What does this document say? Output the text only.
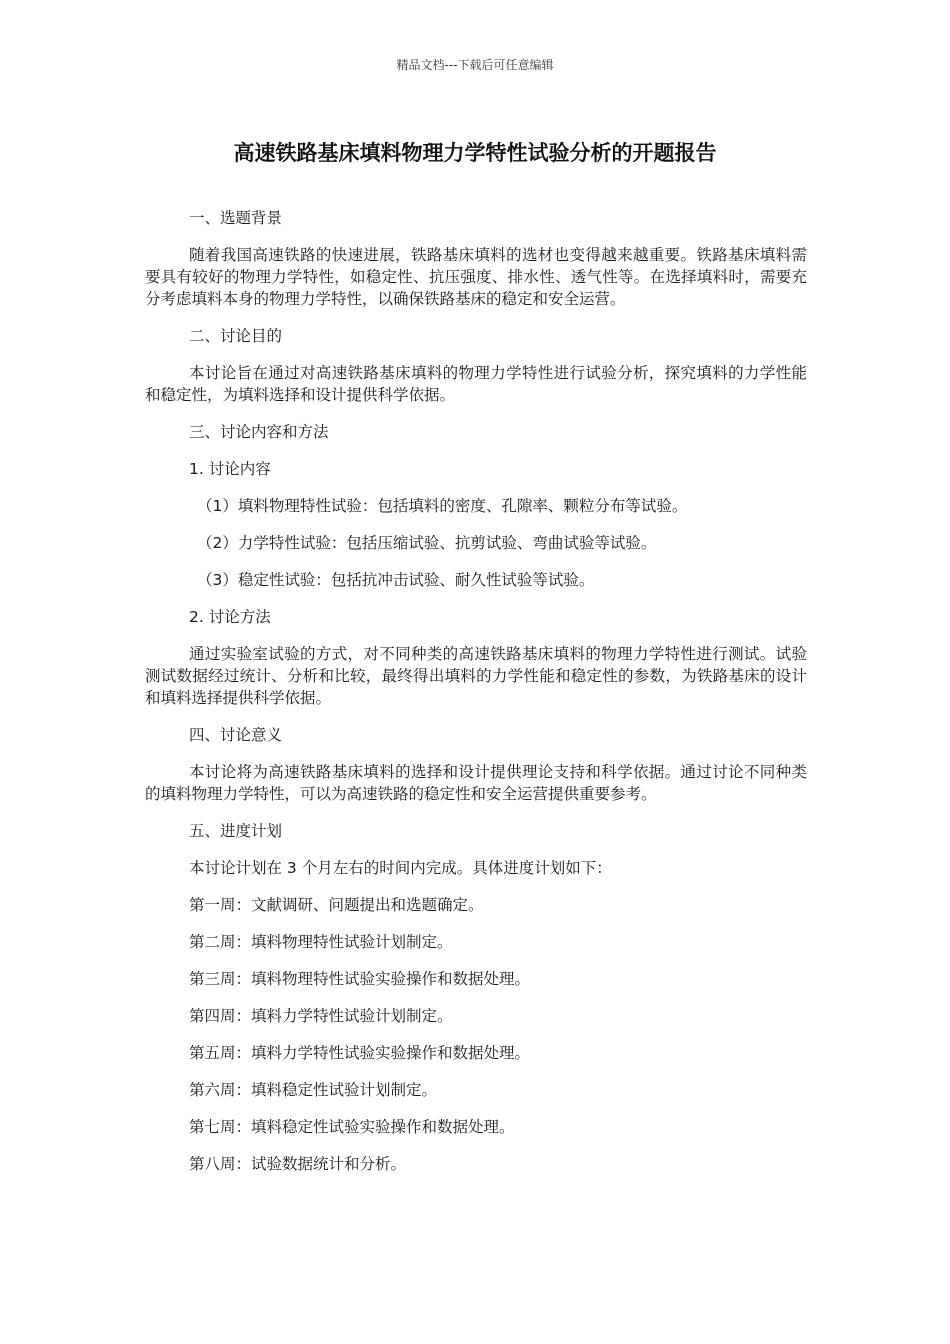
精品文档---下载后可任意编辑
高速铁路基床填料物理力学特性试验分析的开题报告

一、选题背景

随着我国高速铁路的快速进展，铁路基床填料的选材也变得越来越重要。铁路基床填料需要具有较好的物理力学特性，如稳定性、抗压强度、排水性、透气性等。在选择填料时，需要充分考虑填料本身的物理力学特性，以确保铁路基床的稳定和安全运营。

二、讨论目的

本讨论旨在通过对高速铁路基床填料的物理力学特性进行试验分析，探究填料的力学性能和稳定性，为填料选择和设计提供科学依据。

三、讨论内容和方法

1. 讨论内容

（1）填料物理特性试验：包括填料的密度、孔隙率、颗粒分布等试验。

（2）力学特性试验：包括压缩试验、抗剪试验、弯曲试验等试验。

（3）稳定性试验：包括抗冲击试验、耐久性试验等试验。

2. 讨论方法

通过实验室试验的方式，对不同种类的高速铁路基床填料的物理力学特性进行测试。试验测试数据经过统计、分析和比较，最终得出填料的力学性能和稳定性的参数，为铁路基床的设计和填料选择提供科学依据。

四、讨论意义

本讨论将为高速铁路基床填料的选择和设计提供理论支持和科学依据。通过讨论不同种类的填料物理力学特性，可以为高速铁路的稳定性和安全运营提供重要参考。

五、进度计划

本讨论计划在 3 个月左右的时间内完成。具体进度计划如下：

第一周：文献调研、问题提出和选题确定。

第二周：填料物理特性试验计划制定。

第三周：填料物理特性试验实验操作和数据处理。

第四周：填料力学特性试验计划制定。

第五周：填料力学特性试验实验操作和数据处理。

第六周：填料稳定性试验计划制定。

第七周：填料稳定性试验实验操作和数据处理。

第八周：试验数据统计和分析。
